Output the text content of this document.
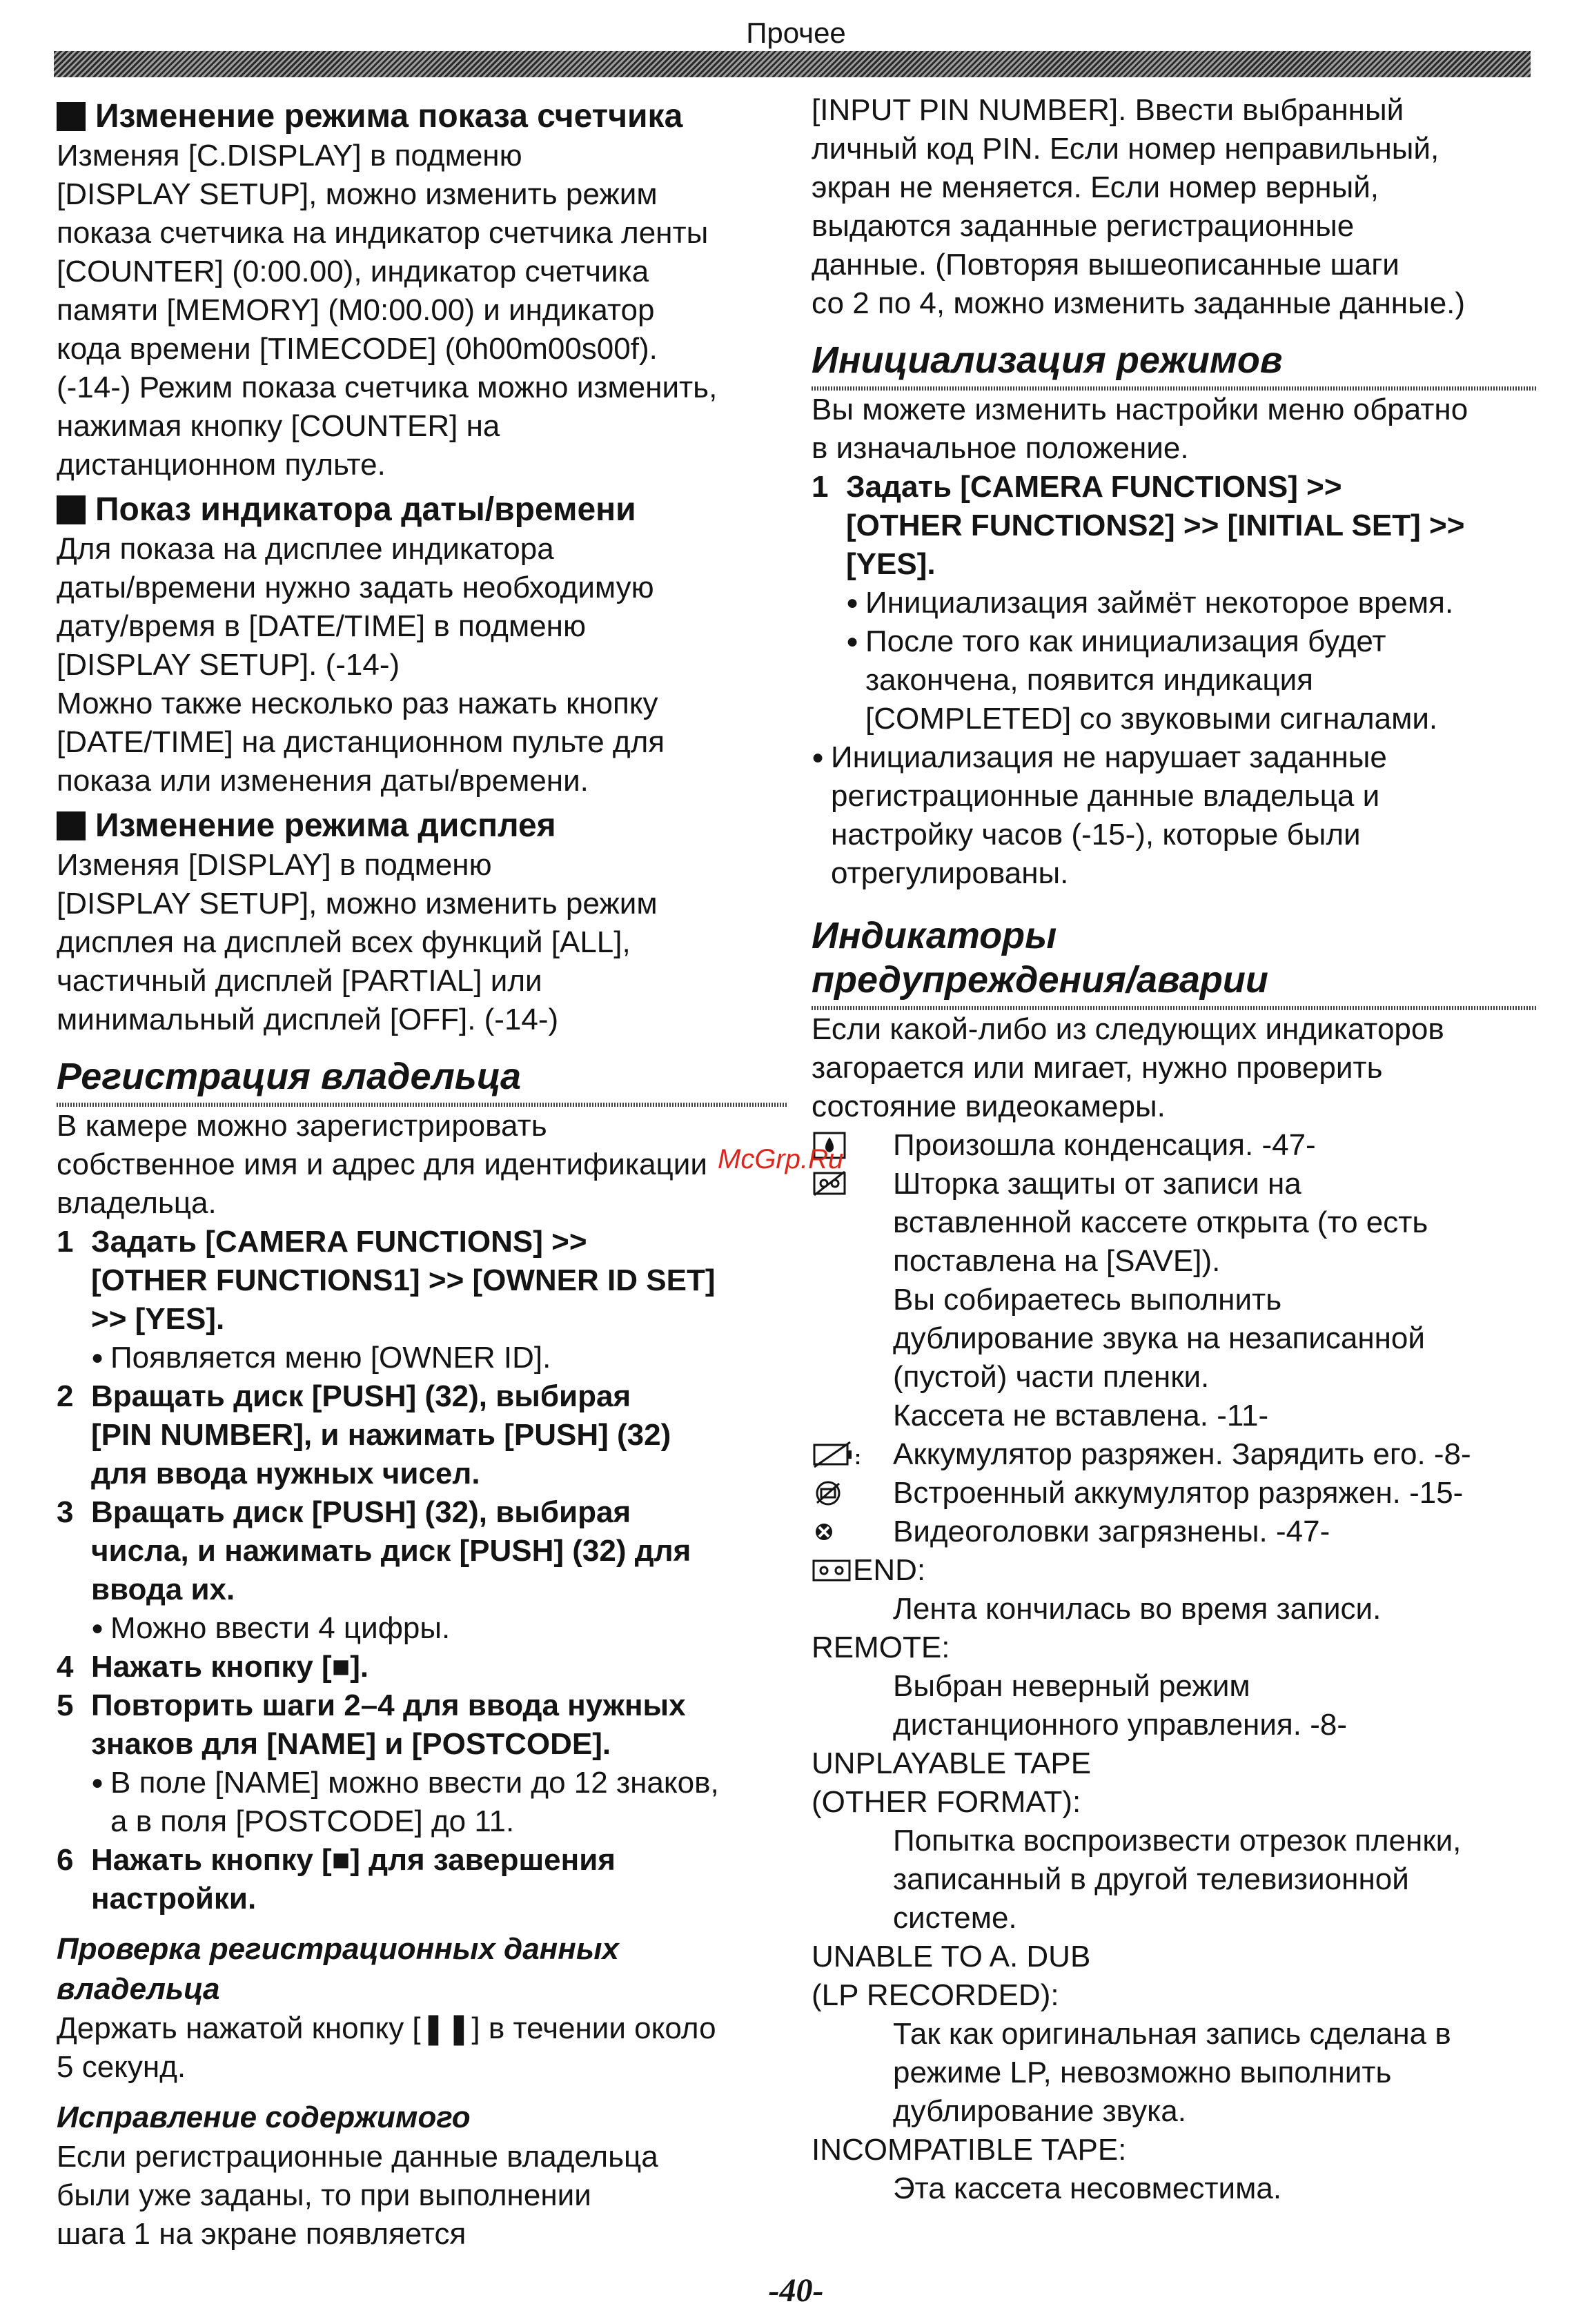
Прочее
Изменение режима показа счетчика

Изменяя [C.DISPLAY] в подменю

[DISPLAY SETUP], можно изменить режим

показа счетчика на индикатор счетчика ленты

[COUNTER] (0:00.00), индикатор счетчика

памяти [MEMORY] (M0:00.00) и индикатор

кода времени [TIMECODE] (0h00m00s00f).

(-14-) Режим показа счетчика можно изменить,

нажимая кнопку [COUNTER] на

дистанционном пульте.

Показ индикатора даты/времени

Для показа на дисплее индикатора

даты/времени нужно задать необходимую

дату/время в [DATE/TIME] в подменю

[DISPLAY SETUP]. (-14-)

Можно также несколько раз нажать кнопку

[DATE/TIME] на дистанционном пульте для

показа или изменения даты/времени.

Изменение режима дисплея

Изменяя [DISPLAY] в подменю

[DISPLAY SETUP], можно изменить режим

дисплея на дисплей всех функций [ALL],

частичный дисплей [PARTIAL] или

минимальный дисплей [OFF]. (-14-)

Регистрация владельца

В камере можно зарегистрировать

собственное имя и адрес для идентификации

владельца.

1 Задать [CAMERA FUNCTIONS] >>
[OTHER FUNCTIONS1] >> [OWNER ID SET]
>> [YES].
● Появляется меню [OWNER ID].
2 Вращать диск [PUSH] (32), выбирая
[PIN NUMBER], и нажимать [PUSH] (32)
для ввода нужных чисел.
3 Вращать диск [PUSH] (32), выбирая
числа, и нажимать диск [PUSH] (32) для
ввода их.
● Можно ввести 4 цифры.
4 Нажать кнопку [■].
5 Повторить шаги 2–4 для ввода нужных
знаков для [NAME] и [POSTCODE].
● В поле [NAME] можно ввести до 12 знаков,
а в поля [POSTCODE] до 11.
6 Нажать кнопку [■] для завершения
настройки.
Проверка регистрационных данных
владельца

Держать нажатой кнопку [❚❚] в течении около

5 секунд.

Исправление содержимого

Если регистрационные данные владельца

были уже заданы, то при выполнении

шага 1 на экране появляется

[INPUT PIN NUMBER]. Ввести выбранный

личный код PIN. Если номер неправильный,

экран не меняется. Если номер верный,

выдаются заданные регистрационные

данные. (Повторяя вышеописанные шаги

со 2 по 4, можно изменить заданные данные.)

Инициализация режимов

Вы можете изменить настройки меню обратно

в изначальное положение.

1 Задать [CAMERA FUNCTIONS] >>
[OTHER FUNCTIONS2] >> [INITIAL SET] >>
[YES].
● Инициализация займёт некоторое время.
● После того как инициализация будет
закончена, появится индикация
[COMPLETED] со звуковыми сигналами.
● Инициализация не нарушает заданные
регистрационные данные владельца и
настройку часов (-15-), которые были
отрегулированы.
Индикаторы
предупреждения/аварии

Если какой-либо из следующих индикаторов

загорается или мигает, нужно проверить

состояние видеокамеры.

Произошла конденсация. -47-
Шторка защиты от записи на
вставленной кассете открыта (то есть
поставлена на [SAVE]).
Вы собираетесь выполнить
дублирование звука на незаписанной
(пустой) части пленки.
Кассета не вставлена. -11-
: Аккумулятор разряжен. Зарядить его. -8-
Встроенный аккумулятор разряжен. -15-
Видеоголовки загрязнены. -47-
END:

Лента кончилась во время записи.

REMOTE:

Выбран неверный режим

дистанционного управления. -8-

UNPLAYABLE TAPE

(OTHER FORMAT):

Попытка воспроизвести отрезок пленки,

записанный в другой телевизионной

системе.

UNABLE TO A. DUB

(LP RECORDED):

Так как оригинальная запись сделана в

режиме LP, невозможно выполнить

дублирование звука.

INCOMPATIBLE TAPE:

Эта кассета несовместима.

McGrp.Ru
-40-
